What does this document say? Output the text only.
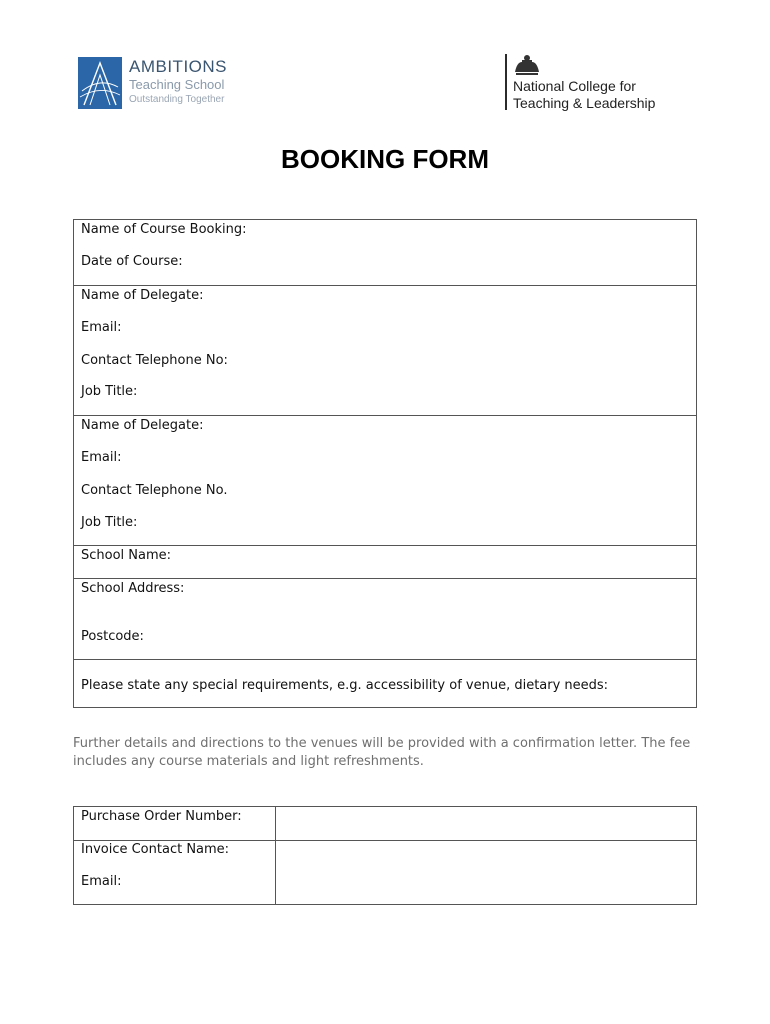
AMBITIONS
Teaching School
Outstanding Together
National College for
Teaching & Leadership
BOOKING FORM
Name of Course Booking:
Date of Course:
Name of Delegate:
Email:
Contact Telephone No:
Job Title:
Name of Delegate:
Email:
Contact Telephone No.
Job Title:
School Name:
School Address:
Postcode:
Please state any special requirements, e.g. accessibility of venue, dietary needs:
Further details and directions to the venues will be provided with a confirmation letter. The fee includes any course materials and light refreshments.
Purchase Order Number:
Invoice Contact Name:
Email:
